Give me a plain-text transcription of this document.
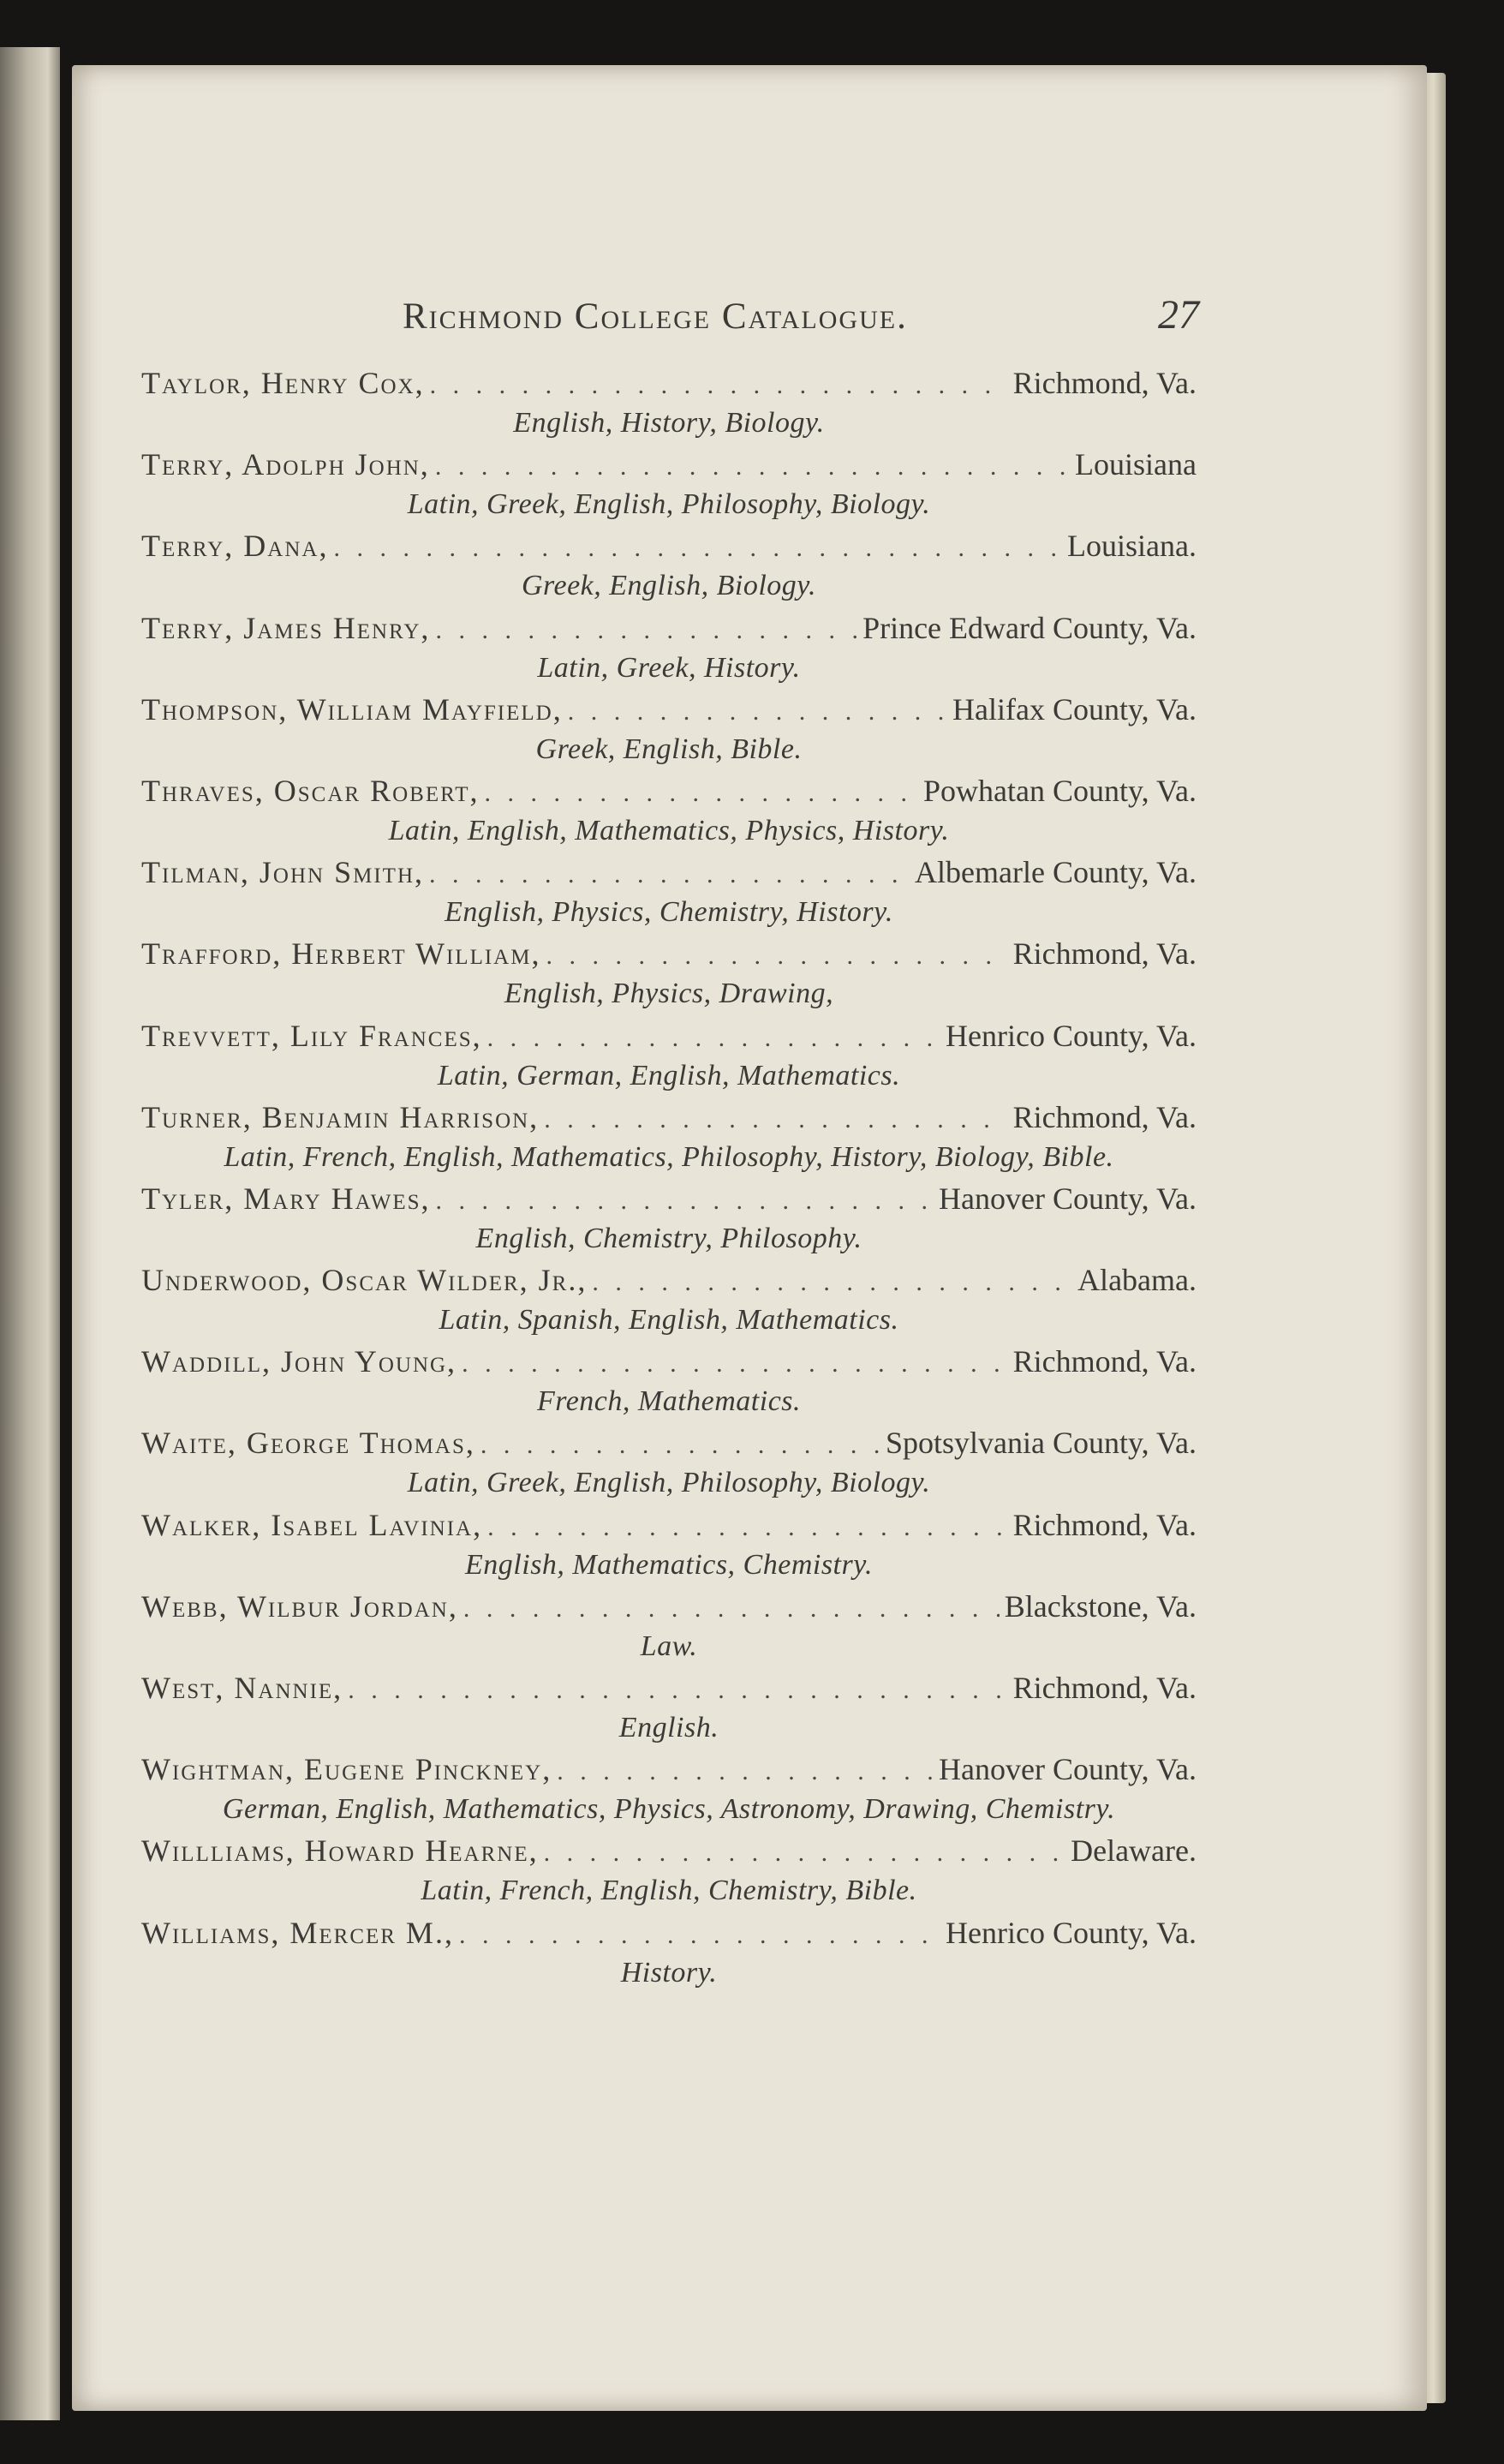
Richmond College Catalogue.	27
Taylor, Henry Cox, . . .	Richmond, Va.
English, History, Biology.
Terry, Adolph John, . . .	Louisiana
Latin, Greek, English, Philosophy, Biology.
Terry, Dana, . . .	Louisiana.
Greek, English, Biology.
Terry, James Henry, . . .	Prince Edward County, Va.
Latin, Greek, History.
Thompson, William Mayfield, . . .	Halifax County, Va.
Greek, English, Bible.
Thraves, Oscar Robert, . . .	Powhatan County, Va.
Latin, English, Mathematics, Physics, History.
Tilman, John Smith, . . .	Albemarle County, Va.
English, Physics, Chemistry, History.
Trafford, Herbert William, . . .	Richmond, Va.
English, Physics, Drawing,
Trevvett, Lily Frances, . . .	Henrico County, Va.
Latin, German, English, Mathematics.
Turner, Benjamin Harrison, . . .	Richmond, Va.
Latin, French, English, Mathematics, Philosophy, History, Biology, Bible.
Tyler, Mary Hawes, . . .	Hanover County, Va.
English, Chemistry, Philosophy.
Underwood, Oscar Wilder, Jr., . . .	Alabama.
Latin, Spanish, English, Mathematics.
Waddill, John Young, . . .	Richmond, Va.
French, Mathematics.
Waite, George Thomas, . . .	Spotsylvania County, Va.
Latin, Greek, English, Philosophy, Biology.
Walker, Isabel Lavinia, . . .	Richmond, Va.
English, Mathematics, Chemistry.
Webb, Wilbur Jordan, . . .	Blackstone, Va.
Law.
West, Nannie, . . .	Richmond, Va.
English.
Wightman, Eugene Pinckney, . . .	Hanover County, Va.
German, English, Mathematics, Physics, Astronomy, Drawing, Chemistry.
Willliams, Howard Hearne, . . .	Delaware.
Latin, French, English, Chemistry, Bible.
Williams, Mercer M., . . .	Henrico County, Va.
History.
